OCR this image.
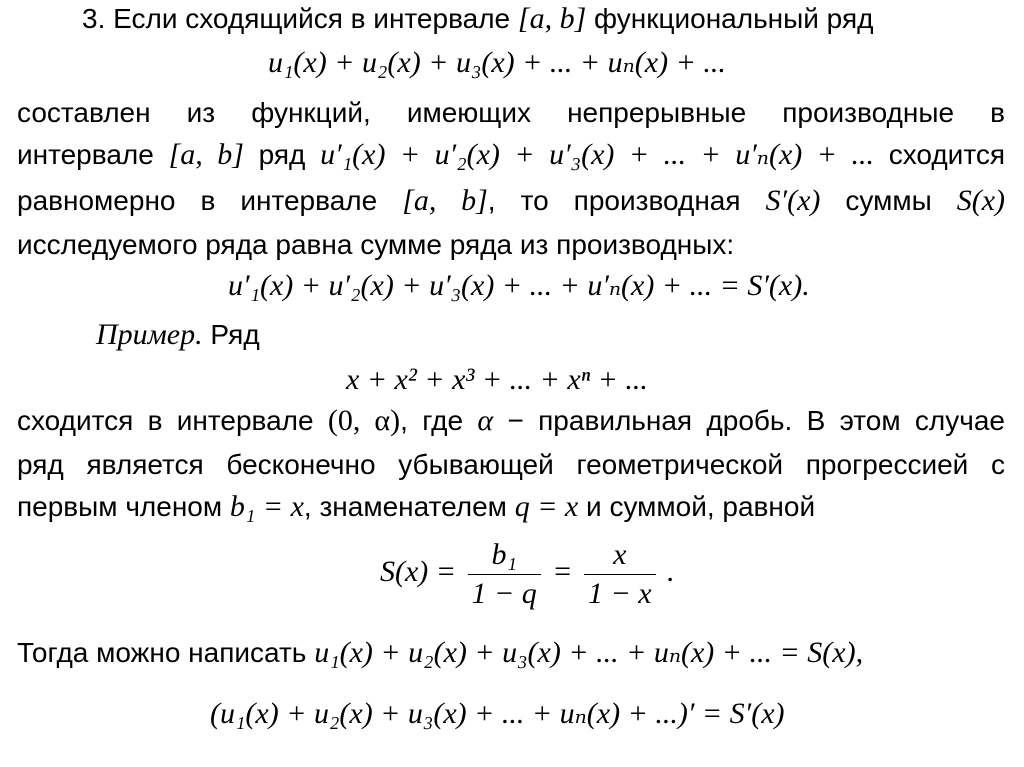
3. Если сходящийся в интервале [a, b] функциональный ряд
u₁(x) + u₂(x) + u₃(x) + ... + uₙ(x) + ...
составлен из функций, имеющих непрерывные производные в
интервале [a, b] ряд u′₁(x) + u′₂(x) + u′₃(x) + ... + u′ₙ(x) + ... сходится
равномерно в интервале [a, b], то производная S′(x) суммы S(x)
исследуемого ряда равна сумме ряда из производных:
u′₁(x) + u′₂(x) + u′₃(x) + ... + u′ₙ(x) + ... = S′(x).
Пример. Ряд
x + x² + x³ + ... + xⁿ + ...
сходится в интервале (0, α), где α − правильная дробь. В этом случае
ряд является бесконечно убывающей геометрической прогрессией с
первым членом b₁ = x, знаменателем q = x и суммой, равной
$S(x) = \frac{\text{b₁}}{1 - q} = \frac{x}{1 - x}$ .
Тогда можно написать u₁(x) + u₂(x) + u₃(x) + ... + uₙ(x) + ... = S(x),
(u₁(x) + u₂(x) + u₃(x) + ... + uₙ(x) + ...)′ = S′(x)
